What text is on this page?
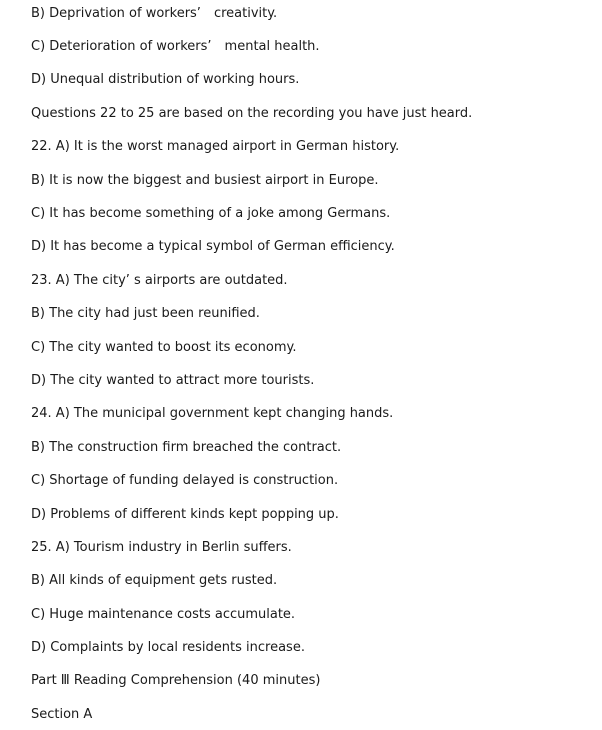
B) Deprivation of workers’　creativity.
C) Deterioration of workers’　mental health.
D) Unequal distribution of working hours.
Questions 22 to 25 are based on the recording you have just heard.
22. A) It is the worst managed airport in German history.
B) It is now the biggest and busiest airport in Europe.
C) It has become something of a joke among Germans.
D) It has become a typical symbol of German efficiency.
23. A) The city’ s airports are outdated.
B) The city had just been reunified.
C) The city wanted to boost its economy.
D) The city wanted to attract more tourists.
24. A) The municipal government kept changing hands.
B) The construction firm breached the contract.
C) Shortage of funding delayed is construction.
D) Problems of different kinds kept popping up.
25. A) Tourism industry in Berlin suffers.
B) All kinds of equipment gets rusted.
C) Huge maintenance costs accumulate.
D) Complaints by local residents increase.
Part Ⅲ Reading Comprehension (40 minutes)
Section A
